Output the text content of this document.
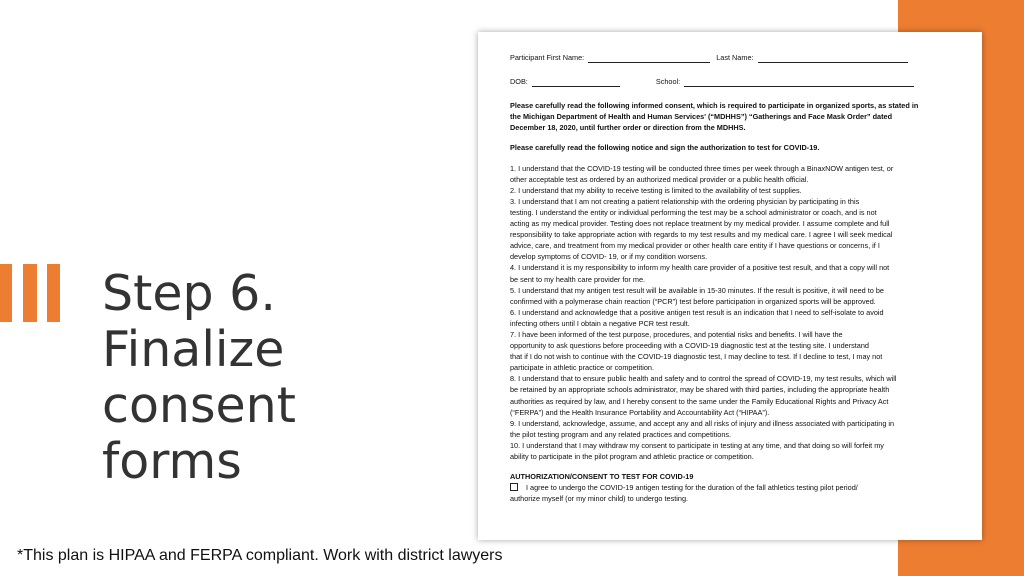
Step 6.
Finalize
consent
forms
Participant First Name:	Last Name:
DOB:	School:

Please carefully read the following informed consent, which is required to participate in organized sports, as stated in

the Michigan Department of Health and Human Services' (“MDHHS”) “Gatherings and Face Mask Order” dated

December 18, 2020, until further order or direction from the MDHHS.

Please carefully read the following notice and sign the authorization to test for COVID-19.

1. I understand that the COVID-19 testing will be conducted three times per week through a BinaxNOW antigen test, or

other acceptable test as ordered by an authorized medical provider or a public health official.

2. I understand that my ability to receive testing is limited to the availability of test supplies.

3. I understand that I am not creating a patient relationship with the ordering physician by participating in this

testing. I understand the entity or individual performing the test may be a school administrator or coach, and is not

acting as my medical provider. Testing does not replace treatment by my medical provider. I assume complete and full

responsibility to take appropriate action with regards to my test results and my medical care. I agree I will seek medical

advice, care, and treatment from my medical provider or other health care entity if I have questions or concerns, if I

develop symptoms of COVID- 19, or if my condition worsens.

4. I understand it is my responsibility to inform my health care provider of a positive test result, and that a copy will not

be sent to my health care provider for me.

5. I understand that my antigen test result will be available in 15-30 minutes. If the result is positive, it will need to be

confirmed with a polymerase chain reaction (“PCR”) test before participation in organized sports will be approved.

6. I understand and acknowledge that a positive antigen test result is an indication that I need to self-isolate to avoid

infecting others until I obtain a negative PCR test result.

7. I have been informed of the test purpose, procedures, and potential risks and benefits. I will have the

opportunity to ask questions before proceeding with a COVID-19 diagnostic test at the testing site. I understand

that if I do not wish to continue with the COVID-19 diagnostic test, I may decline to test. If I decline to test, I may not

participate in athletic practice or competition.

8. I understand that to ensure public health and safety and to control the spread of COVID-19, my test results, which will

be retained by an appropriate schools administrator, may be shared with third parties, including the appropriate health

authorities as required by law, and I hereby consent to the same under the Family Educational Rights and Privacy Act

(“FERPA”) and the Health Insurance Portability and Accountability Act (“HIPAA”).

9. I understand, acknowledge, assume, and accept any and all risks of injury and illness associated with participating in

the pilot testing program and any related practices and competitions.

10. I understand that I may withdraw my consent to participate in testing at any time, and that doing so will forfeit my

ability to participate in the pilot program and athletic practice or competition.

AUTHORIZATION/CONSENT TO TEST FOR COVID-19

I agree to undergo the COVID-19 antigen testing for the duration of the fall athletics testing pilot period/

authorize myself (or my minor child) to undergo testing.

*This plan is HIPAA and FERPA compliant. Work with district lawyers
